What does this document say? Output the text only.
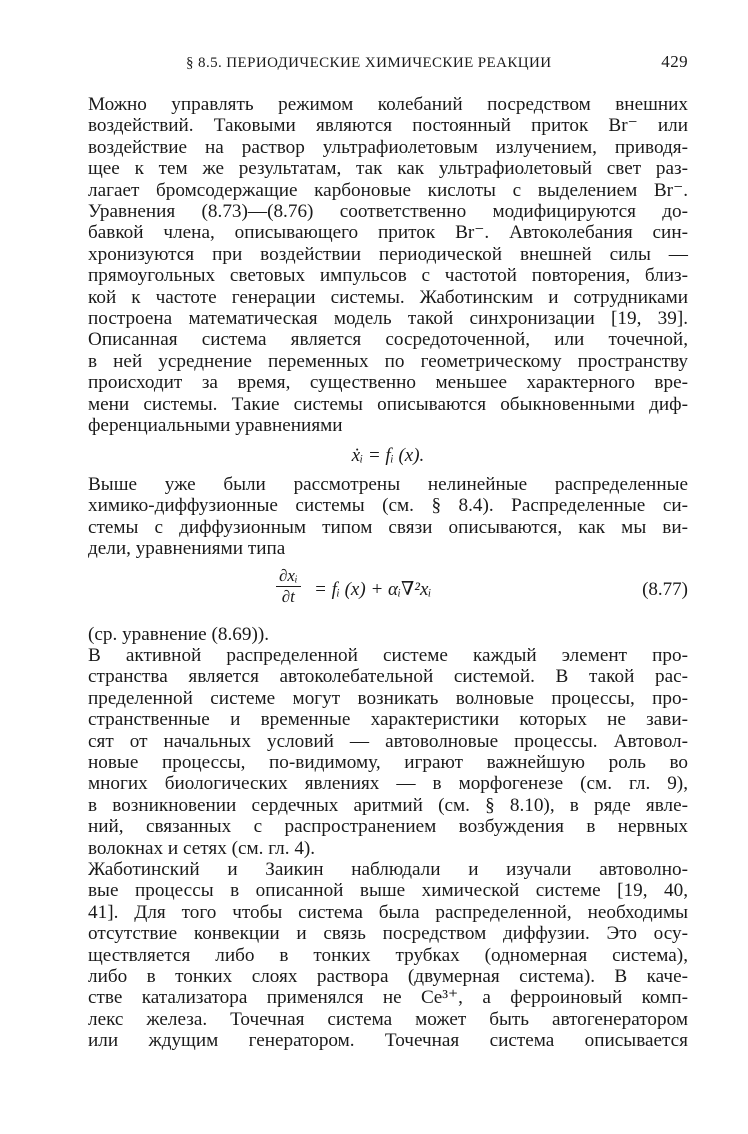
§ 8.5. ПЕРИОДИЧЕСКИЕ ХИМИЧЕСКИЕ РЕАКЦИИ	429
Можно управлять режимом колебаний посредством внешних
воздействий. Таковыми являются постоянный приток Br⁻ или
воздействие на раствор ультрафиолетовым излучением, приводя-
щее к тем же результатам, так как ультрафиолетовый свет раз-
лагает бромсодержащие карбоновые кислоты с выделением Br⁻.
Уравнения (8.73)—(8.76) соответственно модифицируются до-
бавкой члена, описывающего приток Br⁻. Автоколебания син-
хронизуются при воздействии периодической внешней силы —
прямоугольных световых импульсов с частотой повторения, близ-
кой к частоте генерации системы. Жаботинским и сотрудниками
построена математическая модель такой синхронизации [19, 39].
Описанная система является сосредоточенной, или точечной,
в ней усреднение переменных по геометрическому пространству
происходит за время, существенно меньшее характерного вре-
мени системы. Такие системы описываются обыкновенными диф-
ференциальными уравнениями
ẋᵢ = fᵢ (x).
Выше уже были рассмотрены нелинейные распределенные
химико-диффузионные системы (см. § 8.4). Распределенные си-
стемы с диффузионным типом связи описываются, как мы ви-
дели, уравнениями типа
$\frac{\text{∂xᵢ}}{\partial t}$ = fᵢ (x) + αᵢ∇²xᵢ	(8.77)
(ср. уравнение (8.69)).
В активной распределенной системе каждый элемент про-
странства является автоколебательной системой. В такой рас-
пределенной системе могут возникать волновые процессы, про-
странственные и временные характеристики которых не зави-
сят от начальных условий — автоволновые процессы. Автовол-
новые процессы, по-видимому, играют важнейшую роль во
многих биологических явлениях — в морфогенезе (см. гл. 9),
в возникновении сердечных аритмий (см. § 8.10), в ряде явле-
ний, связанных с распространением возбуждения в нервных
волокнах и сетях (см. гл. 4).
Жаботинский и Заикин наблюдали и изучали автоволно-
вые процессы в описанной выше химической системе [19, 40,
41]. Для того чтобы система была распределенной, необходимы
отсутствие конвекции и связь посредством диффузии. Это осу-
ществляется либо в тонких трубках (одномерная система),
либо в тонких слоях раствора (двумерная система). В каче-
стве катализатора применялся не Ce³⁺, а ферроиновый комп-
лекс железа. Точечная система может быть автогенератором
или ждущим генератором. Точечная система описывается
